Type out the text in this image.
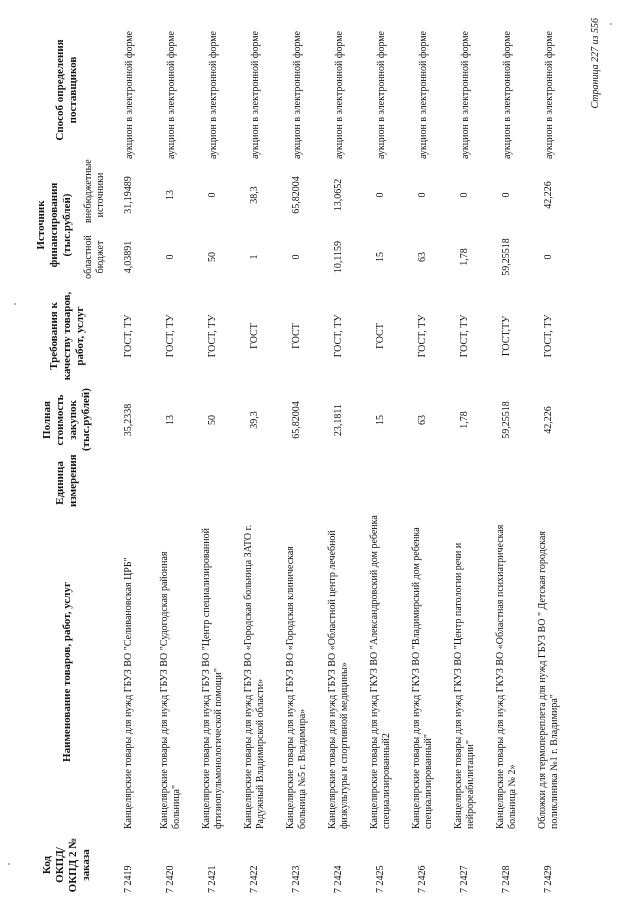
Код ОКПД/ ОКПД 2 № заказа	Наименование товаров, работ, услуг	Единица измерения	Полная стоимость закупок (тыс.рублей)	Требования к качеству товаров, работ, услуг	Источник финансирования (тыс.рублей)		Способ определения поставщиков
					областной бюджет	внебюджетные источники	
7 2419	Канцелярские товары для нужд ГБУЗ ВО "Селивановская ЦРБ"		35,2338	ГОСТ, ТУ	4,03891	31,19489	аукцион в электронной форме
7 2420	Канцелярские товары для нужд ГБУЗ ВО "Судогодская районная больница"		13	ГОСТ, ТУ	0	13	аукцион в электронной форме
7 2421	Канцелярские товары для нужд ГБУЗ ВО "Центр специализированной фтизиопульмонологической помощи"		50	ГОСТ, ТУ	50	0	аукцион в электронной форме
7 2422	Канцелярские товары для нужд ГБУЗ ВО «Городская больница ЗАТО г. Радужный Владимирской области»		39,3	ГОСТ	1	38,3	аукцион в электронной форме
7 2423	Канцелярские товары для нужд ГБУЗ ВО «Городская клиническая больница №5 г. Владимира»		65,82004	ГОСТ	0	65,82004	аукцион в электронной форме
7 2424	Канцелярские товары для нужд ГБУЗ ВО «Областной центр лечебной физкультуры и спортивной медицины»		23,1811	ГОСТ, ТУ	10,1159	13,0652	аукцион в электронной форме
7 2425	Канцелярские товары для нужд ГКУЗ ВО "Александровский дом ребенка специализированный2		15	ГОСТ	15	0	аукцион в электронной форме
7 2426	Канцелярские товары для нужд ГКУЗ ВО "Владимирский дом ребенка специализированный"		63	ГОСТ, ТУ	63	0	аукцион в электронной форме
7 2427	Канцелярские товары для нужд ГКУЗ ВО "Центр патологии речи и нейрореабилитации"		1,78	ГОСТ, ТУ	1,78	0	аукцион в электронной форме
7 2428	Канцелярские товары для нужд ГКУЗ ВО «Областная психиатрическая больница № 2»		59,25518	ГОСТ,ТУ	59,25518	0	аукцион в электронной форме
7 2429	Обложки для термопереплета для нужд ГБУЗ ВО " Детская городская поликлиника №1 г. Владимира"		42,226	ГОСТ, ТУ	0	42,226	аукцион в электронной форме	Страница 227 из 556
